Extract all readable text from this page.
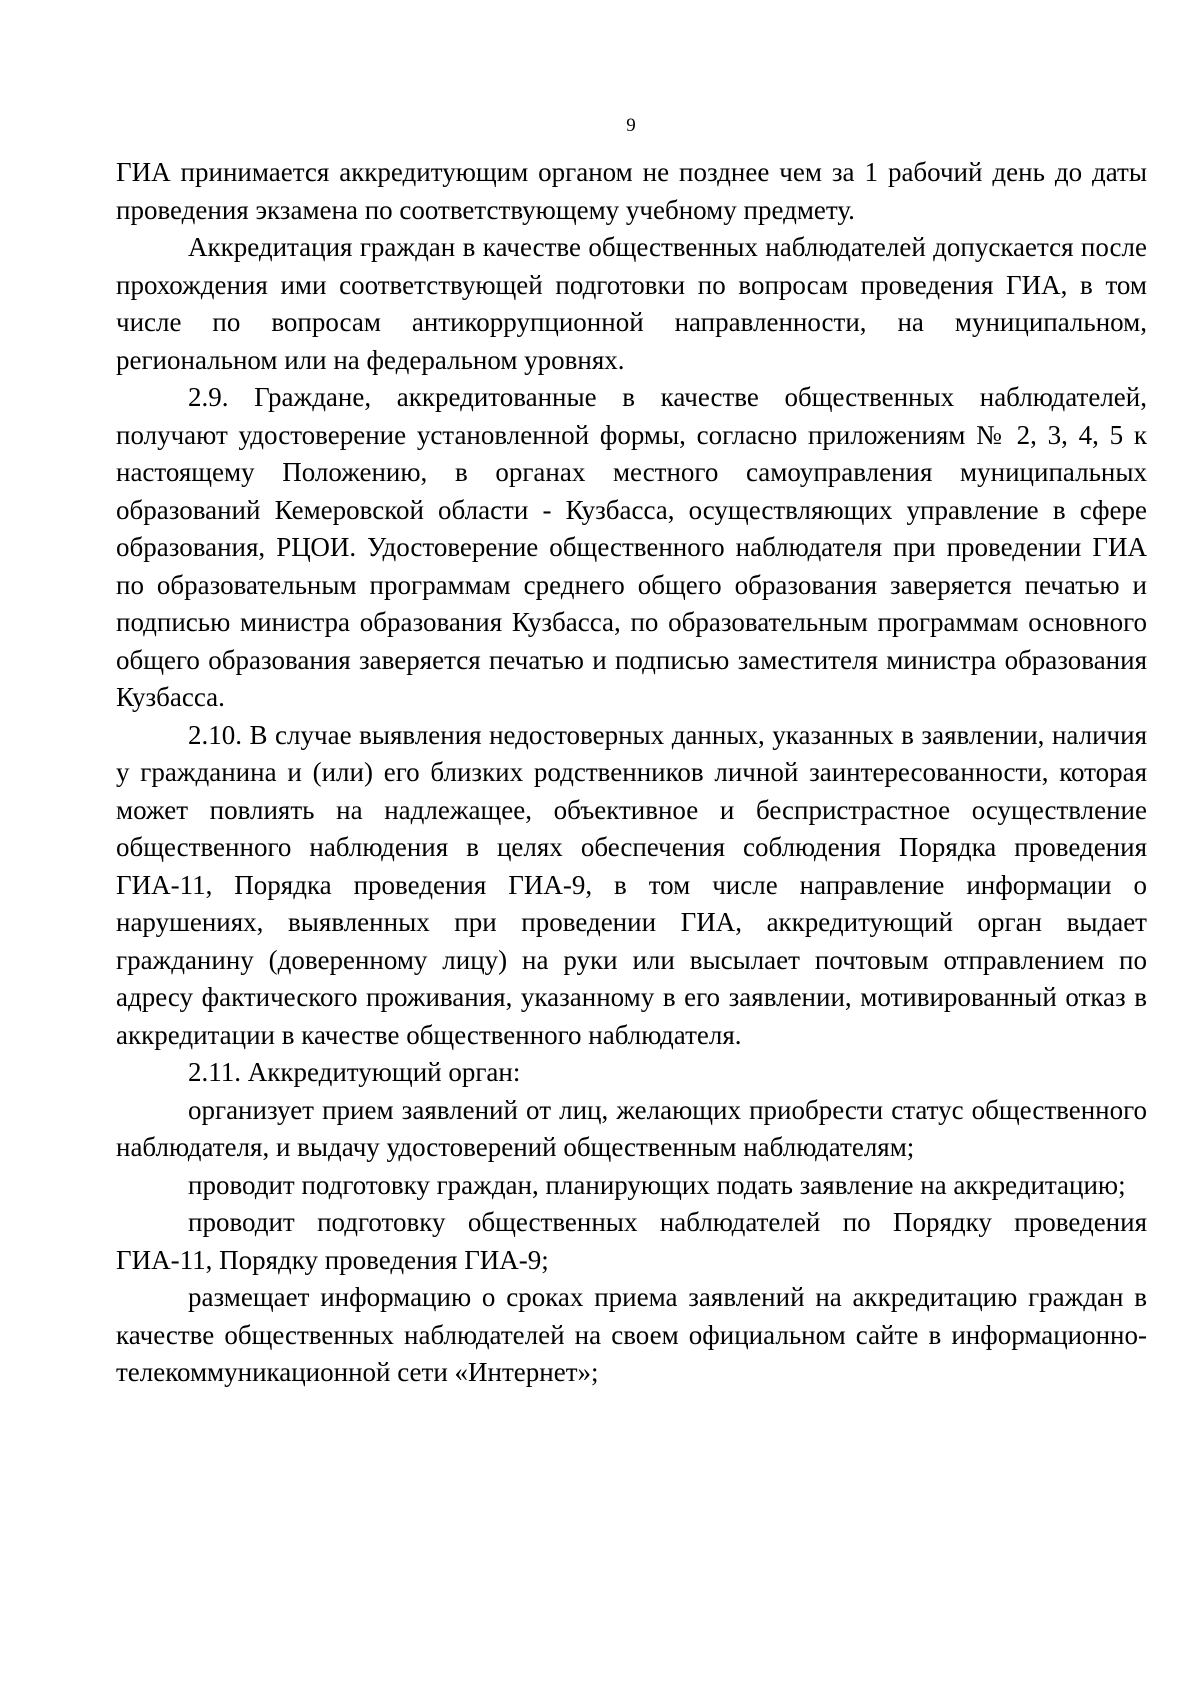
9

ГИА принимается аккредитующим органом не позднее чем за 1 рабочий день до даты проведения экзамена по соответствующему учебному предмету.

Аккредитация граждан в качестве общественных наблюдателей допускается после прохождения ими соответствующей подготовки по вопросам проведения ГИА, в том числе по вопросам антикоррупционной направленности, на муниципальном, региональном или на федеральном уровнях.

2.9. Граждане, аккредитованные в качестве общественных наблюдателей, получают удостоверение установленной формы, согласно приложениям № 2, 3, 4, 5 к настоящему Положению, в органах местного самоуправления муниципальных образований Кемеровской области - Кузбасса, осуществляющих управление в сфере образования, РЦОИ. Удостоверение общественного наблюдателя при проведении ГИА по образовательным программам среднего общего образования заверяется печатью и подписью министра образования Кузбасса, по образовательным программам основного общего образования заверяется печатью и подписью заместителя министра образования Кузбасса.

2.10. В случае выявления недостоверных данных, указанных в заявлении, наличия у гражданина и (или) его близких родственников личной заинтересованности, которая может повлиять на надлежащее, объективное и беспристрастное осуществление общественного наблюдения в целях обеспечения соблюдения Порядка проведения ГИА-11, Порядка проведения ГИА-9, в том числе направление информации о нарушениях, выявленных при проведении ГИА, аккредитующий орган выдает гражданину (доверенному лицу) на руки или высылает почтовым отправлением по адресу фактического проживания, указанному в его заявлении, мотивированный отказ в аккредитации в качестве общественного наблюдателя.

2.11. Аккредитующий орган:

организует прием заявлений от лиц, желающих приобрести статус общественного наблюдателя, и выдачу удостоверений общественным наблюдателям;

проводит подготовку граждан, планирующих подать заявление на аккредитацию;

проводит подготовку общественных наблюдателей по Порядку проведения ГИА-11, Порядку проведения ГИА-9;

размещает информацию о сроках приема заявлений на аккредитацию граждан в качестве общественных наблюдателей на своем официальном сайте в информационно-телекоммуникационной сети «Интернет»;
